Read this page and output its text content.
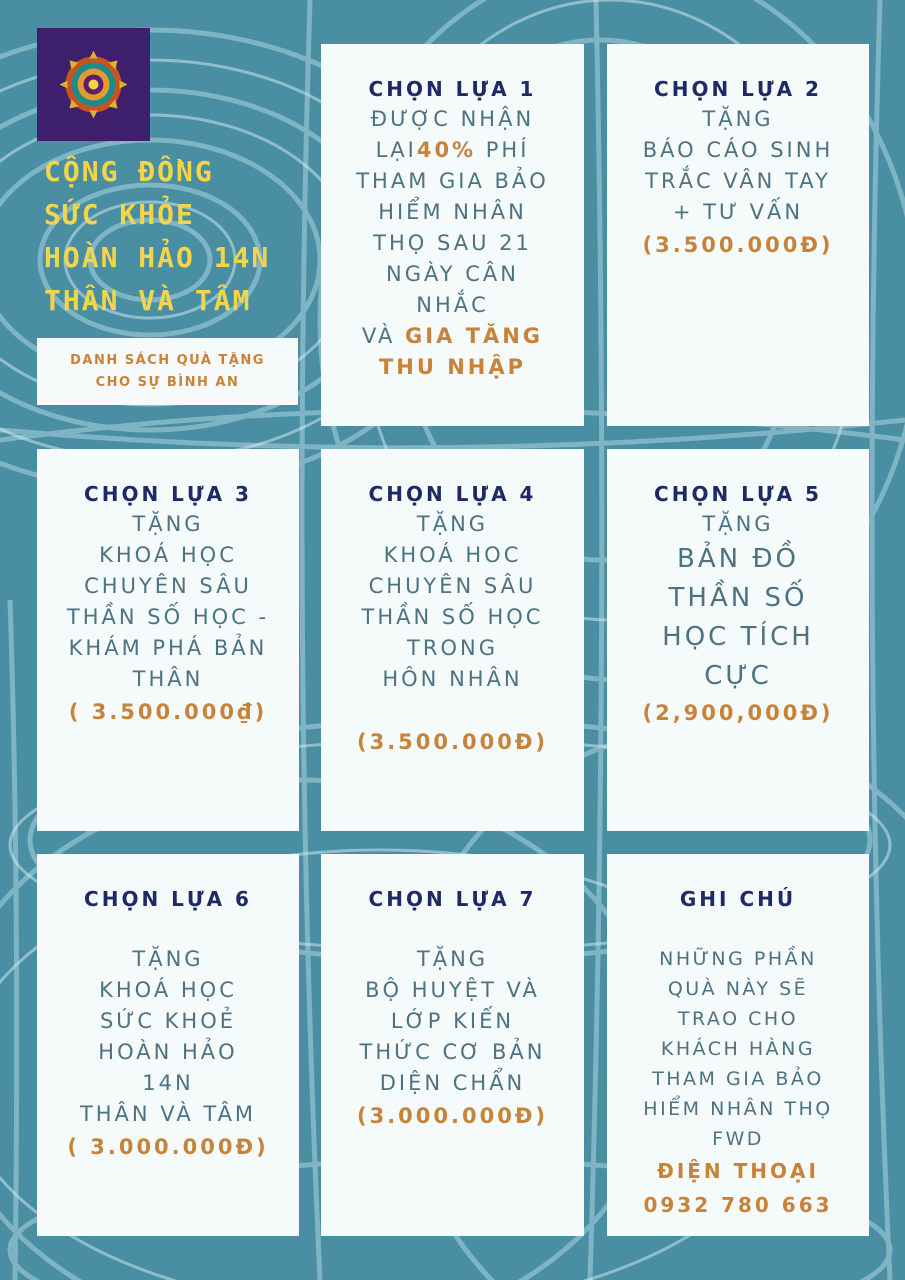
CỘNG ĐỒNG
SỨC KHỎE
HOÀN HẢO 14N
THÂN VÀ TÂM
DANH SÁCH QUÀ TẶNG
CHO SỰ BÌNH AN
CHỌN LỰA 1
ĐƯỢC NHẬN
LẠI40% PHÍ
THAM GIA BẢO
HIỂM NHÂN
THỌ SAU 21
NGÀY CÂN
NHẮC
VÀ GIA TĂNG
THU NHẬP
CHỌN LỰA 2
TẶNG
BÁO CÁO SINH
TRẮC VÂN TAY
+ TƯ VẤN
(3.500.000Đ)
CHỌN LỰA 3
TẶNG
KHOÁ HỌC
CHUYÊN SÂU
THẦN SỐ HỌC -
KHÁM PHÁ BẢN
THÂN
( 3.500.000₫)
CHỌN LỰA 4
TẶNG
KHOÁ HOC
CHUYÊN SÂU
THẦN SỐ HỌC
TRONG
HÔN NHÂN
(3.500.000Đ)
CHỌN LỰA 5
TẶNG
BẢN ĐỒ
THẦN SỐ
HỌC TÍCH
CỰC
(2,900,000Đ)
CHỌN LỰA 6
TẶNG
KHOÁ HỌC
SỨC KHOẺ
HOÀN HẢO
14N
THÂN VÀ TÂM
( 3.000.000Đ)
CHỌN LỰA 7
TẶNG
BỘ HUYỆT VÀ
LỚP KIẾN
THỨC CƠ BẢN
DIỆN CHẨN
(3.000.000Đ)
GHI CHÚ
NHỮNG PHẦN
QUÀ NÀY SẼ
TRAO CHO
KHÁCH HÀNG
THAM GIA BẢO
HIỂM NHÂN THỌ
FWD
ĐIỆN THOẠI
0932 780 663
